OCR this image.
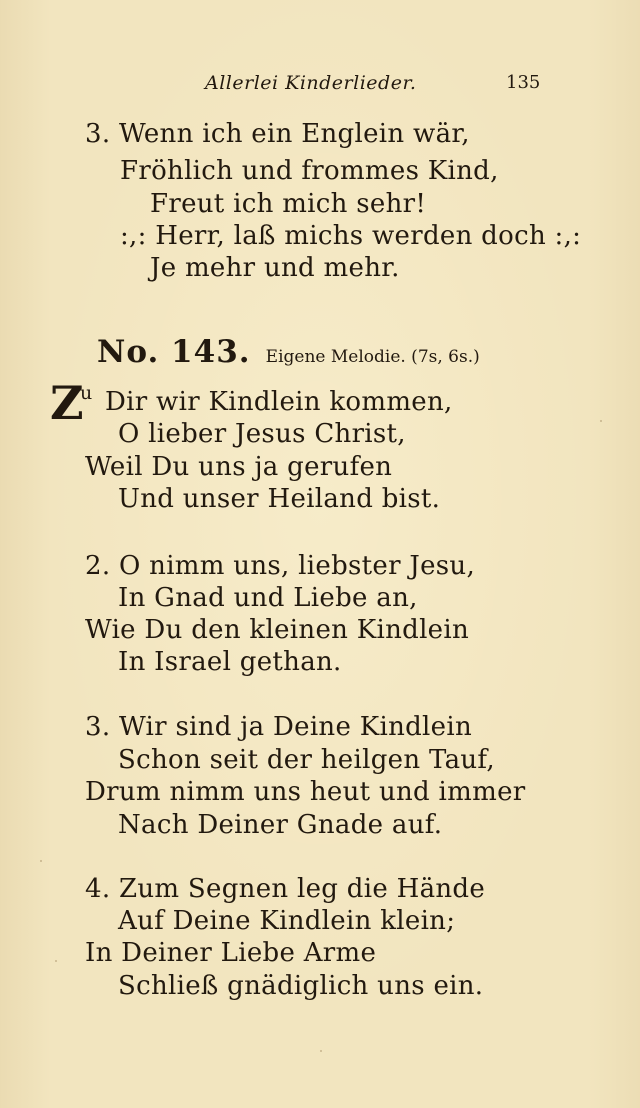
Allerlei Kinderlieder.	135
3. Wenn ich ein Englein wär,
Fröhlich und frommes Kind,
Freut ich mich sehr!
:,: Herr, laß michs werden doch :,:
Je mehr und mehr.
No. 143. Eigene Melodie. (7s, 6s.)
Z
u Dir wir Kindlein kommen,
O lieber Jesus Christ,
Weil Du uns ja gerufen
Und unser Heiland bist.
2. O nimm uns, liebster Jesu,
In Gnad und Liebe an,
Wie Du den kleinen Kindlein
In Israel gethan.
3. Wir sind ja Deine Kindlein
Schon seit der heilgen Tauf,
Drum nimm uns heut und immer
Nach Deiner Gnade auf.
4. Zum Segnen leg die Hände
Auf Deine Kindlein klein;
In Deiner Liebe Arme
Schließ gnädiglich uns ein.
